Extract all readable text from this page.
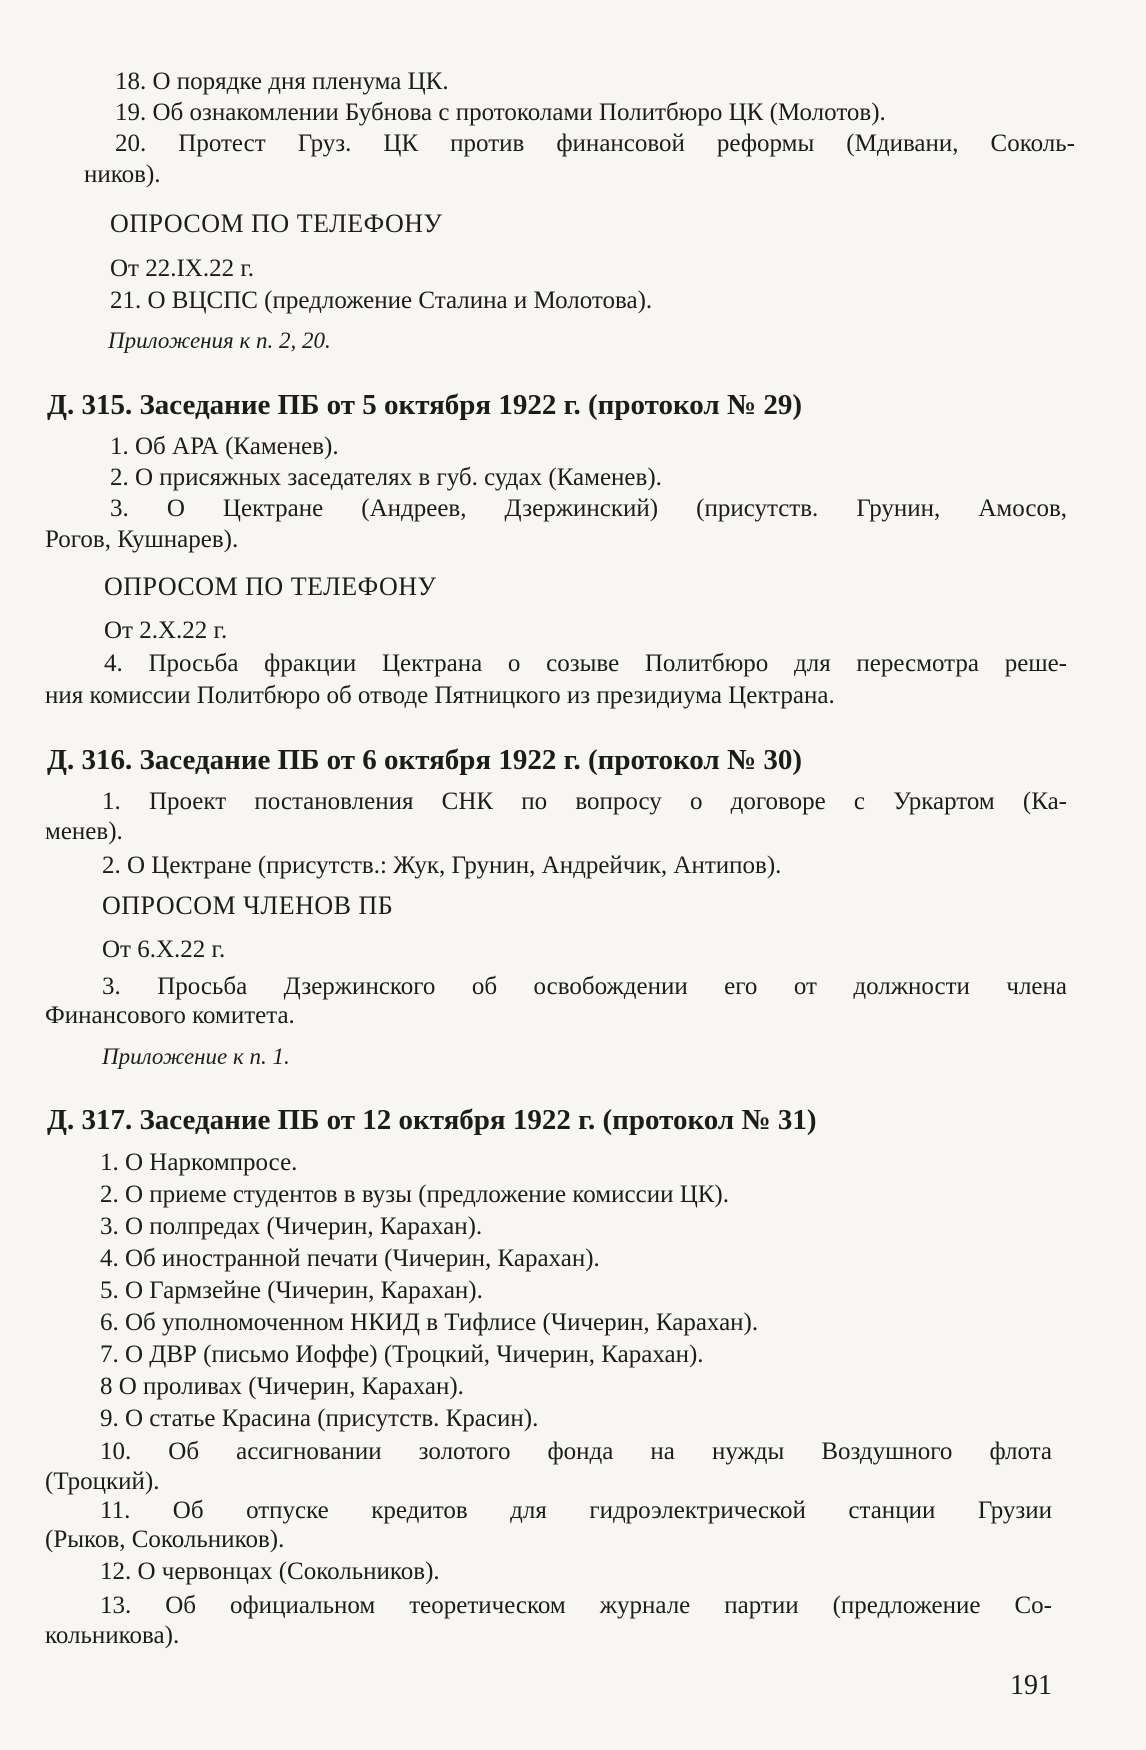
18. О порядке дня пленума ЦК.
19. Об ознакомлении Бубнова с протоколами Политбюро ЦК (Молотов).
20. Протест Груз. ЦК против финансовой реформы (Мдивани, Соколь-
ников).
ОПРОСОМ ПО ТЕЛЕФОНУ
От 22.IX.22 г.
21. О ВЦСПС (предложение Сталина и Молотова).
Приложения к п. 2, 20.
Д. 315. Заседание ПБ от 5 октября 1922 г. (протокол № 29)
1. Об АРА (Каменев).
2. О присяжных заседателях в губ. судах (Каменев).
3. О Цектране (Андреев, Дзержинский) (присутств. Грунин, Амосов,
Рогов, Кушнарев).
ОПРОСОМ ПО ТЕЛЕФОНУ
От 2.Х.22 г.
4. Просьба фракции Цектрана о созыве Политбюро для пересмотра реше-
ния комиссии Политбюро об отводе Пятницкого из президиума Цектрана.
Д. 316. Заседание ПБ от 6 октября 1922 г. (протокол № 30)
1. Проект постановления СНК по вопросу о договоре с Уркартом (Ка-
менев).
2. О Цектране (присутств.: Жук, Грунин, Андрейчик, Антипов).
ОПРОСОМ ЧЛЕНОВ ПБ
От 6.Х.22 г.
3. Просьба Дзержинского об освобождении его от должности члена
Финансового комитета.
Приложение к п. 1.
Д. 317. Заседание ПБ от 12 октября 1922 г. (протокол № 31)
1. О Наркомпросе.
2. О приеме студентов в вузы (предложение комиссии ЦК).
3. О полпредах (Чичерин, Карахан).
4. Об иностранной печати (Чичерин, Карахан).
5. О Гармзейне (Чичерин, Карахан).
6. Об уполномоченном НКИД в Тифлисе (Чичерин, Карахан).
7. О ДВР (письмо Иоффе) (Троцкий, Чичерин, Карахан).
8 О проливах (Чичерин, Карахан).
9. О статье Красина (присутств. Красин).
10. Об ассигновании золотого фонда на нужды Воздушного флота
(Троцкий).
11. Об отпуске кредитов для гидроэлектрической станции Грузии
(Рыков, Сокольников).
12. О червонцах (Сокольников).
13. Об официальном теоретическом журнале партии (предложение Со-
кольникова).
191
